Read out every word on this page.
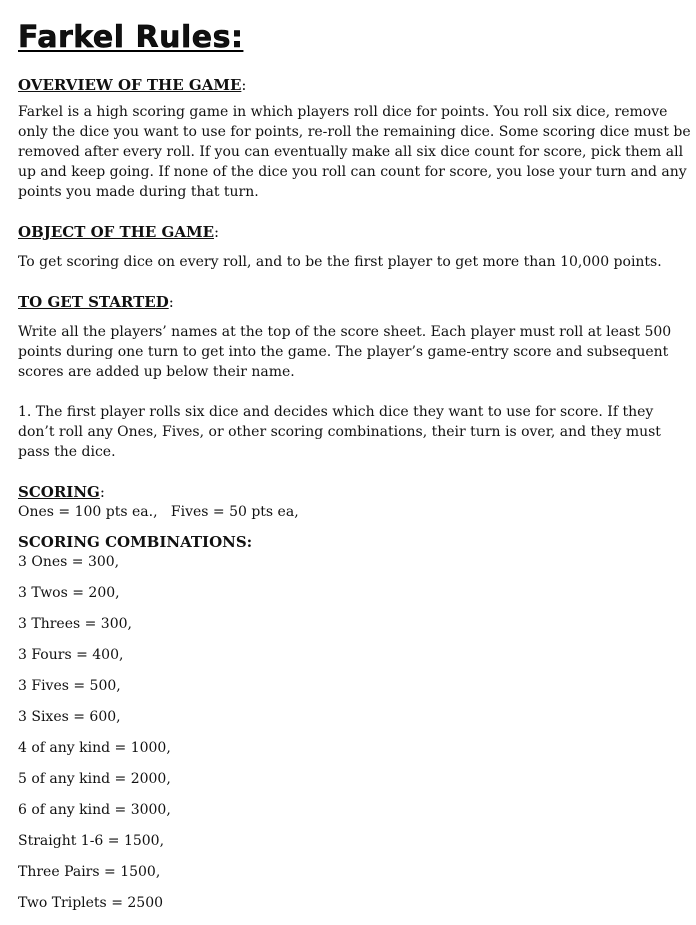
Farkel Rules:
OVERVIEW OF THE GAME:

Farkel is a high scoring game in which players roll dice for points. You roll six dice, remove only the dice you want to use for points, re-roll the remaining dice. Some scoring dice must be removed after every roll. If you can eventually make all six dice count for score, pick them all up and keep going. If none of the dice you roll can count for score, you lose your turn and any points you made during that turn.

OBJECT OF THE GAME:

To get scoring dice on every roll, and to be the first player to get more than 10,000 points.

TO GET STARTED:

Write all the players’ names at the top of the score sheet. Each player must roll at least 500 points during one turn to get into the game. The player’s game-entry score and subsequent scores are added up below their name.

1. The first player rolls six dice and decides which dice they want to use for score. If they don’t roll any Ones, Fives, or other scoring combinations, their turn is over, and they must pass the dice.

SCORING:

Ones = 100 pts ea.,   Fives = 50 pts ea,

SCORING COMBINATIONS:

3 Ones = 300,

3 Twos = 200,

3 Threes = 300,

3 Fours = 400,

3 Fives = 500,

3 Sixes = 600,

4 of any kind = 1000,

5 of any kind = 2000,

6 of any kind = 3000,

Straight 1-6 = 1500,

Three Pairs = 1500,

Two Triplets = 2500
